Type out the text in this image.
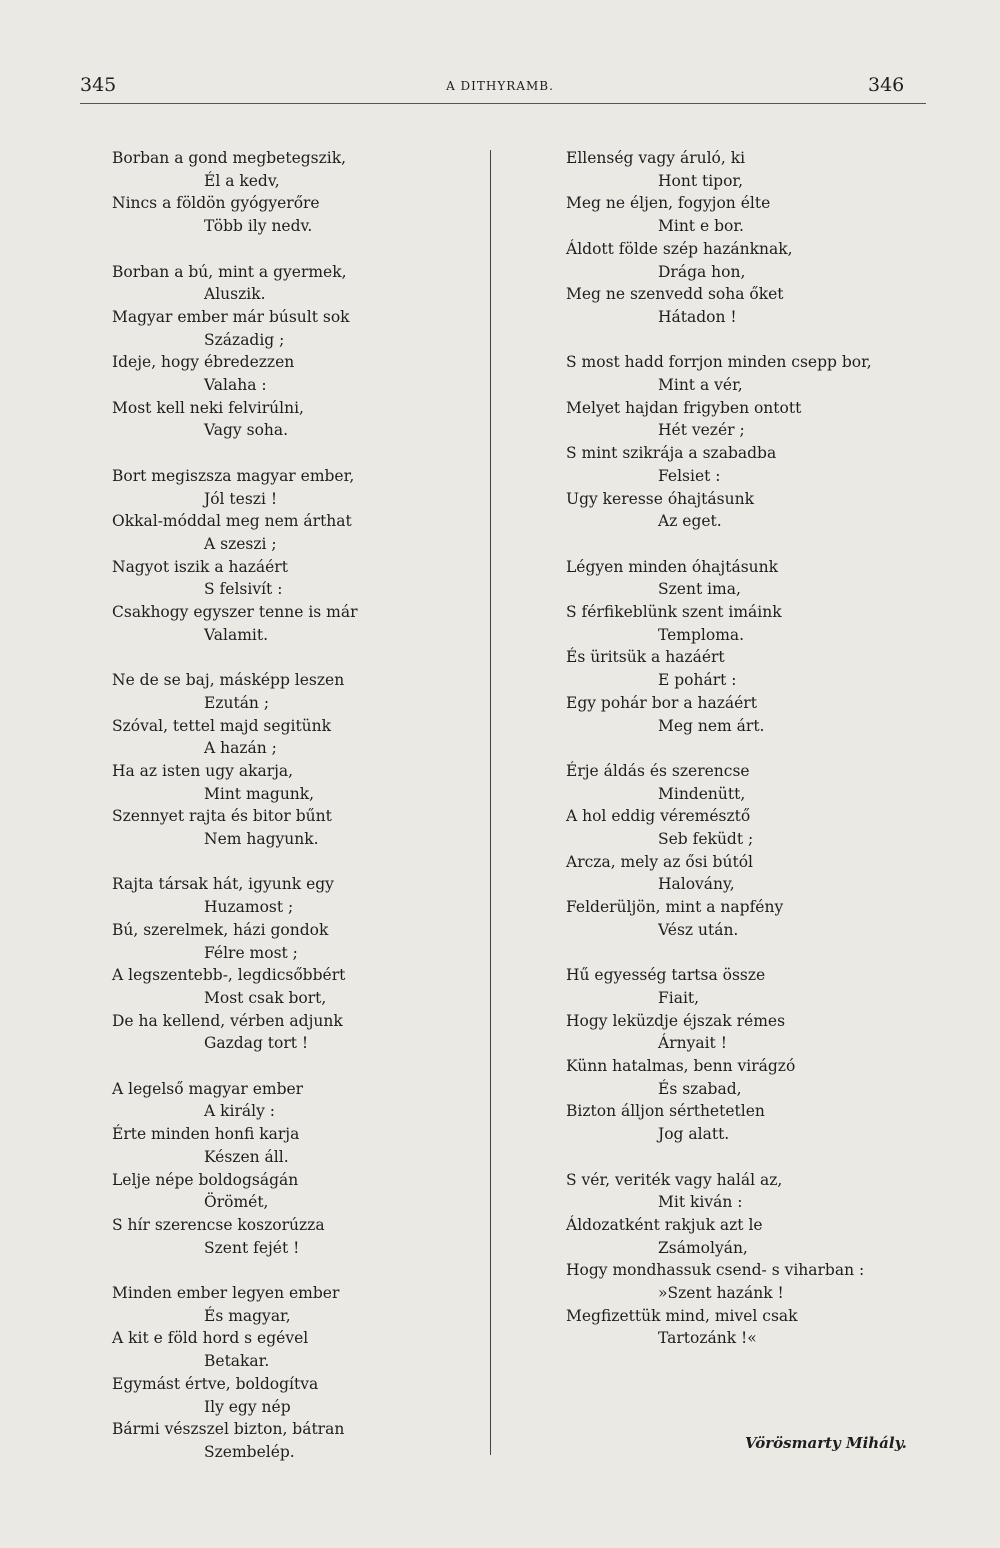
345	A DITHYRAMB.	346
Borban a gond megbetegszik,
Él a kedv,
Nincs a földön gyógyerőre
Több ily nedv.
Borban a bú, mint a gyermek,
Aluszik.
Magyar ember már búsult sok
Századig ;
Ideje, hogy ébredezzen
Valaha :
Most kell neki felvirúlni,
Vagy soha.
Bort megiszsza magyar ember,
Jól teszi !
Okkal-móddal meg nem árthat
A szeszi ;
Nagyot iszik a hazáért
S felsivít :
Csakhogy egyszer tenne is már
Valamit.
Ne de se baj, másképp leszen
Ezután ;
Szóval, tettel majd segitünk
A hazán ;
Ha az isten ugy akarja,
Mint magunk,
Szennyet rajta és bitor bűnt
Nem hagyunk.
Rajta társak hát, igyunk egy
Huzamost ;
Bú, szerelmek, házi gondok
Félre most ;
A legszentebb-, legdicsőbbért
Most csak bort,
De ha kellend, vérben adjunk
Gazdag tort !
A legelső magyar ember
A király :
Érte minden honfi karja
Készen áll.
Lelje népe boldogságán
Örömét,
S hír szerencse koszorúzza
Szent fejét !
Minden ember legyen ember
És magyar,
A kit e föld hord s egével
Betakar.
Egymást értve, boldogítva
Ily egy nép
Bármi vészszel bizton, bátran
Szembelép.
Ellenség vagy áruló, ki
Hont tipor,
Meg ne éljen, fogyjon élte
Mint e bor.
Áldott földe szép hazánknak,
Drága hon,
Meg ne szenvedd soha őket
Hátadon !
S most hadd forrjon minden csepp bor,
Mint a vér,
Melyet hajdan frigyben ontott
Hét vezér ;
S mint szikrája a szabadba
Felsiet :
Ugy keresse óhajtásunk
Az eget.
Légyen minden óhajtásunk
Szent ima,
S férfikeblünk szent imáink
Temploma.
És üritsük a hazáért
E pohárt :
Egy pohár bor a hazáért
Meg nem árt.
Érje áldás és szerencse
Mindenütt,
A hol eddig véremésztő
Seb feküdt ;
Arcza, mely az ősi bútól
Halovány,
Felderüljön, mint a napfény
Vész után.
Hű egyesség tartsa össze
Fiait,
Hogy leküzdje éjszak rémes
Árnyait !
Künn hatalmas, benn virágzó
És szabad,
Bizton álljon sérthetetlen
Jog alatt.
S vér, veriték vagy halál az,
Mit kiván :
Áldozatként rakjuk azt le
Zsámolyán,
Hogy mondhassuk csend- s viharban :
»Szent hazánk !
Megfizettük mind, mivel csak
Tartozánk !«
Vörösmarty Mihály.
